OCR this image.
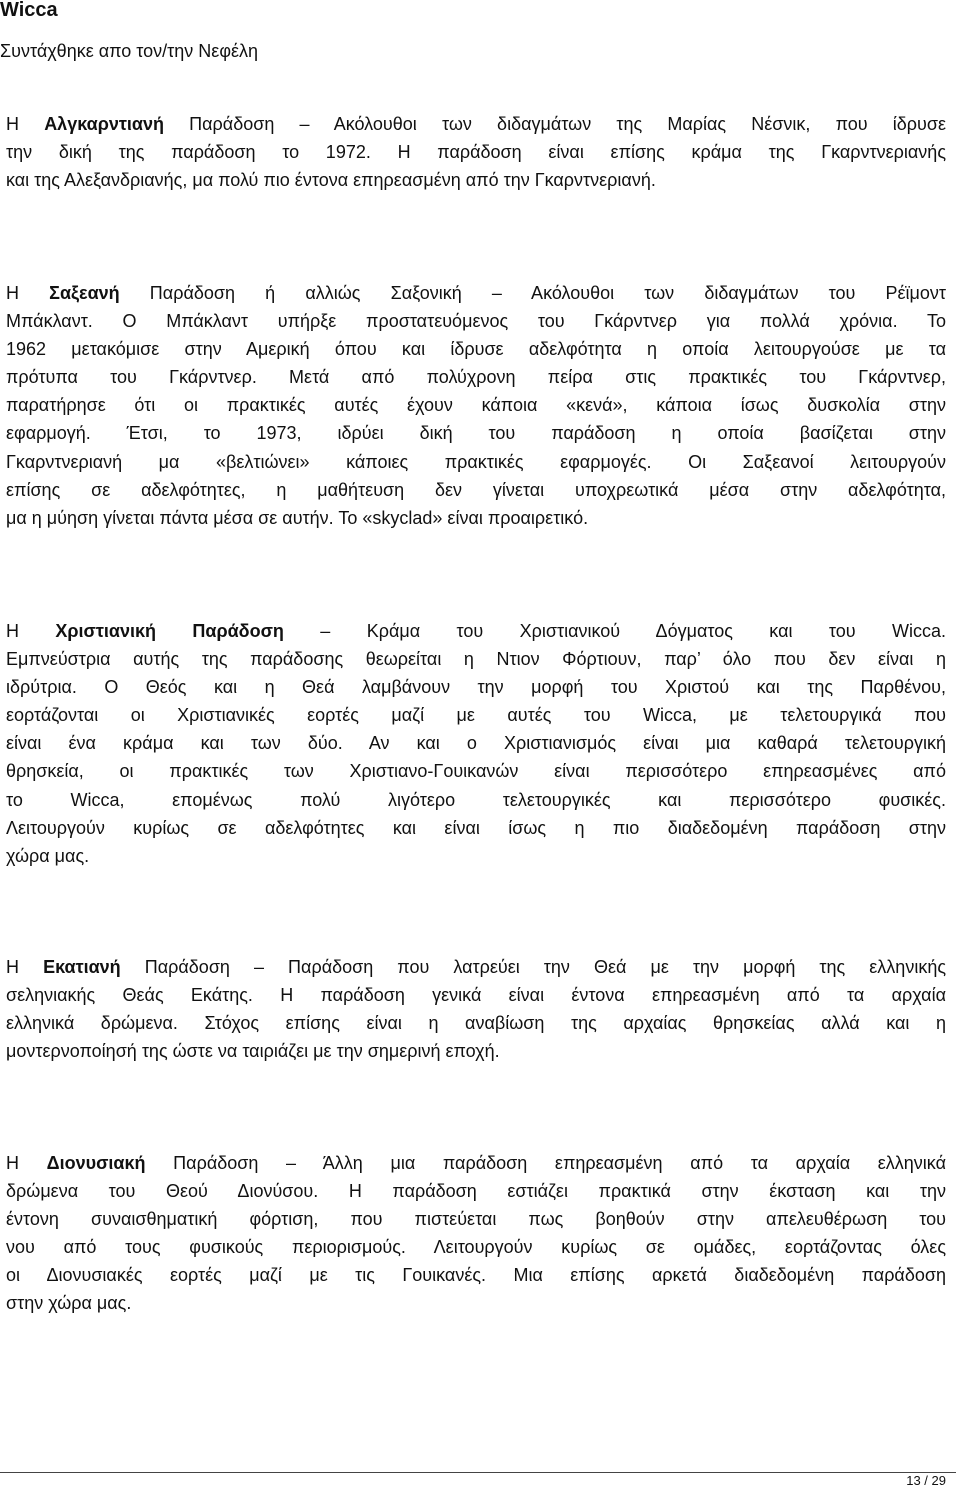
Wicca
Συντάχθηκε απο τον/την Νεφέλη

Η Αλγκαρντιανή Παράδοση – Ακόλουθοι των διδαγμάτων της Μαρίας Νέσνικ, που ίδρυσε
την δική της παράδοση το 1972. Η παράδοση είναι επίσης κράμα της Γκαρντνεριανής
και της Αλεξανδριανής, μα πολύ πιο έντονα επηρεασμένη από την Γκαρντνεριανή.

Η Σαξεανή Παράδοση ή αλλιώς Σαξονική – Ακόλουθοι των διδαγμάτων του Ρέϊμοντ
Μπάκλαντ. Ο Μπάκλαντ υπήρξε προστατευόμενος του Γκάρντνερ για πολλά χρόνια. Το
1962 μετακόμισε στην Αμερική όπου και ίδρυσε αδελφότητα η οποία λειτουργούσε με τα
πρότυπα του Γκάρντνερ. Μετά από πολύχρονη πείρα στις πρακτικές του Γκάρντνερ,
παρατήρησε ότι οι πρακτικές αυτές έχουν κάποια «κενά», κάποια ίσως δυσκολία στην
εφαρμογή. Έτσι, το 1973, ιδρύει δική του παράδοση η οποία βασίζεται στην
Γκαρντνεριανή μα «βελτιώνει» κάποιες πρακτικές εφαρμογές. Οι Σαξεανοί λειτουργούν
επίσης σε αδελφότητες, η μαθήτευση δεν γίνεται υποχρεωτικά μέσα στην αδελφότητα,
μα η μύηση γίνεται πάντα μέσα σε αυτήν. Το «skyclad» είναι προαιρετικό.

Η Χριστιανική Παράδοση – Κράμα του Χριστιανικού Δόγματος και του Wicca.
Εμπνεύστρια αυτής της παράδοσης θεωρείται η Ντιον Φόρτιουν, παρ’ όλο που δεν είναι η
ιδρύτρια. Ο Θεός και η Θεά λαμβάνουν την μορφή του Χριστού και της Παρθένου,
εορτάζονται οι Χριστιανικές εορτές μαζί με αυτές του Wicca, με τελετουργικά που
είναι ένα κράμα και των δύο. Αν και ο Χριστιανισμός είναι μια καθαρά τελετουργική
θρησκεία, οι πρακτικές των Χριστιανο-Γουικανών είναι περισσότερο επηρεασμένες από
το Wicca, επομένως πολύ λιγότερο τελετουργικές και περισσότερο φυσικές.
Λειτουργούν κυρίως σε αδελφότητες και είναι ίσως η πιο διαδεδομένη παράδοση στην
χώρα μας.

Η Εκατιανή Παράδοση – Παράδοση που λατρεύει την Θεά με την μορφή της ελληνικής
σεληνιακής Θεάς Εκάτης. Η παράδοση γενικά είναι έντονα επηρεασμένη από τα αρχαία
ελληνικά δρώμενα. Στόχος επίσης είναι η αναβίωση της αρχαίας θρησκείας αλλά και η
μοντερνοποίησή της ώστε να ταιριάζει με την σημερινή εποχή.

Η Διονυσιακή Παράδοση – Άλλη μια παράδοση επηρεασμένη από τα αρχαία ελληνικά
δρώμενα του Θεού Διονύσου. Η παράδοση εστιάζει πρακτικά στην έκσταση και την
έντονη συναισθηματική φόρτιση, που πιστεύεται πως βοηθούν στην απελευθέρωση του
νου από τους φυσικούς περιορισμούς. Λειτουργούν κυρίως σε ομάδες, εορτάζοντας όλες
οι Διονυσιακές εορτές μαζί με τις Γουικανές. Μια επίσης αρκετά διαδεδομένη παράδοση
στην χώρα μας.

13 / 29
